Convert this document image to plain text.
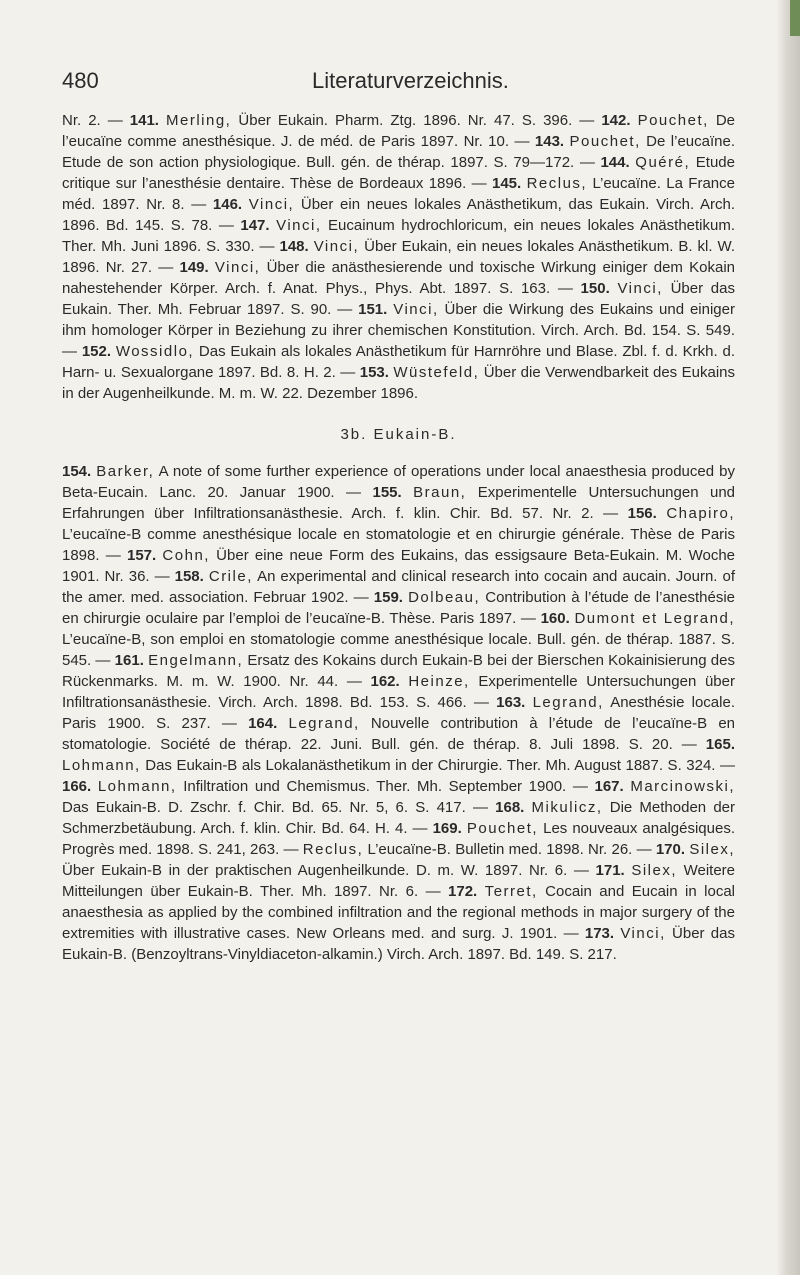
480	Literaturverzeichnis.

Nr. 2. — 141. Merling, Über Eukain. Pharm. Ztg. 1896. Nr. 47. S. 396. — 142. Pouchet, De l’eucaïne comme anesthésique. J. de méd. de Paris 1897. Nr. 10. — 143. Pouchet, De l’eucaïne. Etude de son action physiologique. Bull. gén. de thérap. 1897. S. 79—172. — 144. Quéré, Etude critique sur l’anesthésie dentaire. Thèse de Bordeaux 1896. — 145. Reclus, L’eucaïne. La France méd. 1897. Nr. 8. — 146. Vinci, Über ein neues lokales Anästhetikum, das Eukain. Virch. Arch. 1896. Bd. 145. S. 78. — 147. Vinci, Eucainum hydrochloricum, ein neues lokales Anästhetikum. Ther. Mh. Juni 1896. S. 330. — 148. Vinci, Über Eukain, ein neues lokales Anästhetikum. B. kl. W. 1896. Nr. 27. — 149. Vinci, Über die anästhesierende und toxische Wirkung einiger dem Kokain nahestehender Körper. Arch. f. Anat. Phys., Phys. Abt. 1897. S. 163. — 150. Vinci, Über das Eukain. Ther. Mh. Februar 1897. S. 90. — 151. Vinci, Über die Wirkung des Eukains und einiger ihm homologer Körper in Beziehung zu ihrer chemischen Konstitution. Virch. Arch. Bd. 154. S. 549. — 152. Wossidlo, Das Eukain als lokales Anästhetikum für Harnröhre und Blase. Zbl. f. d. Krkh. d. Harn- u. Sexualorgane 1897. Bd. 8. H. 2. — 153. Wüstefeld, Über die Verwendbarkeit des Eukains in der Augenheilkunde. M. m. W. 22. Dezember 1896.

3b. Eukain-B.

154. Barker, A note of some further experience of operations under local anaesthesia produced by Beta-Eucain. Lanc. 20. Januar 1900. — 155. Braun, Experimentelle Untersuchungen und Erfahrungen über Infiltrationsanästhesie. Arch. f. klin. Chir. Bd. 57. Nr. 2. — 156. Chapiro, L’eucaïne-B comme anesthésique locale en stomatologie et en chirurgie générale. Thèse de Paris 1898. — 157. Cohn, Über eine neue Form des Eukains, das essigsaure Beta-Eukain. M. Woche 1901. Nr. 36. — 158. Crile, An experimental and clinical research into cocain and aucain. Journ. of the amer. med. association. Februar 1902. — 159. Dolbeau, Contribution à l’étude de l’anesthésie en chirurgie oculaire par l’emploi de l’eucaïne-B. Thèse. Paris 1897. — 160. Dumont et Legrand, L’eucaïne-B, son emploi en stomatologie comme anesthésique locale. Bull. gén. de thérap. 1887. S. 545. — 161. Engelmann, Ersatz des Kokains durch Eukain-B bei der Bierschen Kokainisierung des Rückenmarks. M. m. W. 1900. Nr. 44. — 162. Heinze, Experimentelle Untersuchungen über Infiltrationsanästhesie. Virch. Arch. 1898. Bd. 153. S. 466. — 163. Legrand, Anesthésie locale. Paris 1900. S. 237. — 164. Legrand, Nouvelle contribution à l’étude de l’eucaïne-B en stomatologie. Société de thérap. 22. Juni. Bull. gén. de thérap. 8. Juli 1898. S. 20. — 165. Lohmann, Das Eukain-B als Lokalanästhetikum in der Chirurgie. Ther. Mh. August 1887. S. 324. — 166. Lohmann, Infiltration und Chemismus. Ther. Mh. September 1900. — 167. Marcinowski, Das Eukain-B. D. Zschr. f. Chir. Bd. 65. Nr. 5, 6. S. 417. — 168. Mikulicz, Die Methoden der Schmerzbetäubung. Arch. f. klin. Chir. Bd. 64. H. 4. — 169. Pouchet, Les nouveaux analgésiques. Progrès med. 1898. S. 241, 263. — Reclus, L’eucaïne-B. Bulletin med. 1898. Nr. 26. — 170. Silex, Über Eukain-B in der praktischen Augenheilkunde. D. m. W. 1897. Nr. 6. — 171. Silex, Weitere Mitteilungen über Eukain-B. Ther. Mh. 1897. Nr. 6. — 172. Terret, Cocain and Eucain in local anaesthesia as applied by the combined infiltration and the regional methods in major surgery of the extremities with illustrative cases. New Orleans med. and surg. J. 1901. — 173. Vinci, Über das Eukain-B. (Benzoyltrans-Vinyldiaceton-alkamin.) Virch. Arch. 1897. Bd. 149. S. 217.
